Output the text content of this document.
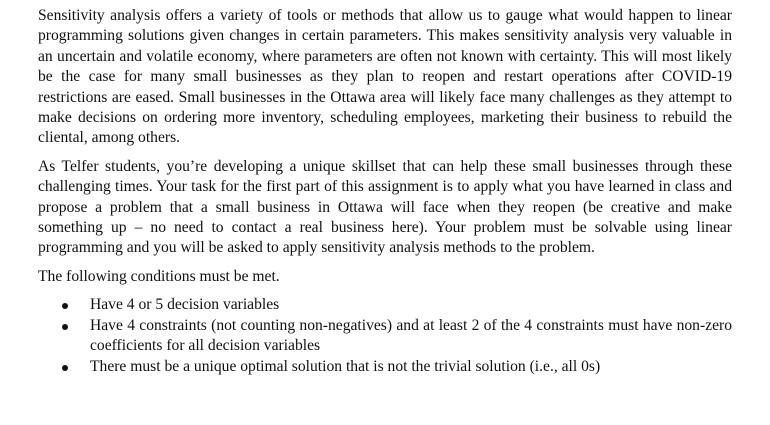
Sensitivity analysis offers a variety of tools or methods that allow us to gauge what would happen to linear programming solutions given changes in certain parameters. This makes sensitivity analysis very valuable in an uncertain and volatile economy, where parameters are often not known with certainty. This will most likely be the case for many small businesses as they plan to reopen and restart operations after COVID-19 restrictions are eased. Small businesses in the Ottawa area will likely face many challenges as they attempt to make decisions on ordering more inventory, scheduling employees, marketing their business to rebuild the cliental, among others.

As Telfer students, you’re developing a unique skillset that can help these small businesses through these challenging times. Your task for the first part of this assignment is to apply what you have learned in class and propose a problem that a small business in Ottawa will face when they reopen (be creative and make something up – no need to contact a real business here). Your problem must be solvable using linear programming and you will be asked to apply sensitivity analysis methods to the problem.

The following conditions must be met.

Have 4 or 5 decision variables
Have 4 constraints (not counting non-negatives) and at least 2 of the 4 constraints must have non-zero coefficients for all decision variables
There must be a unique optimal solution that is not the trivial solution (i.e., all 0s)
